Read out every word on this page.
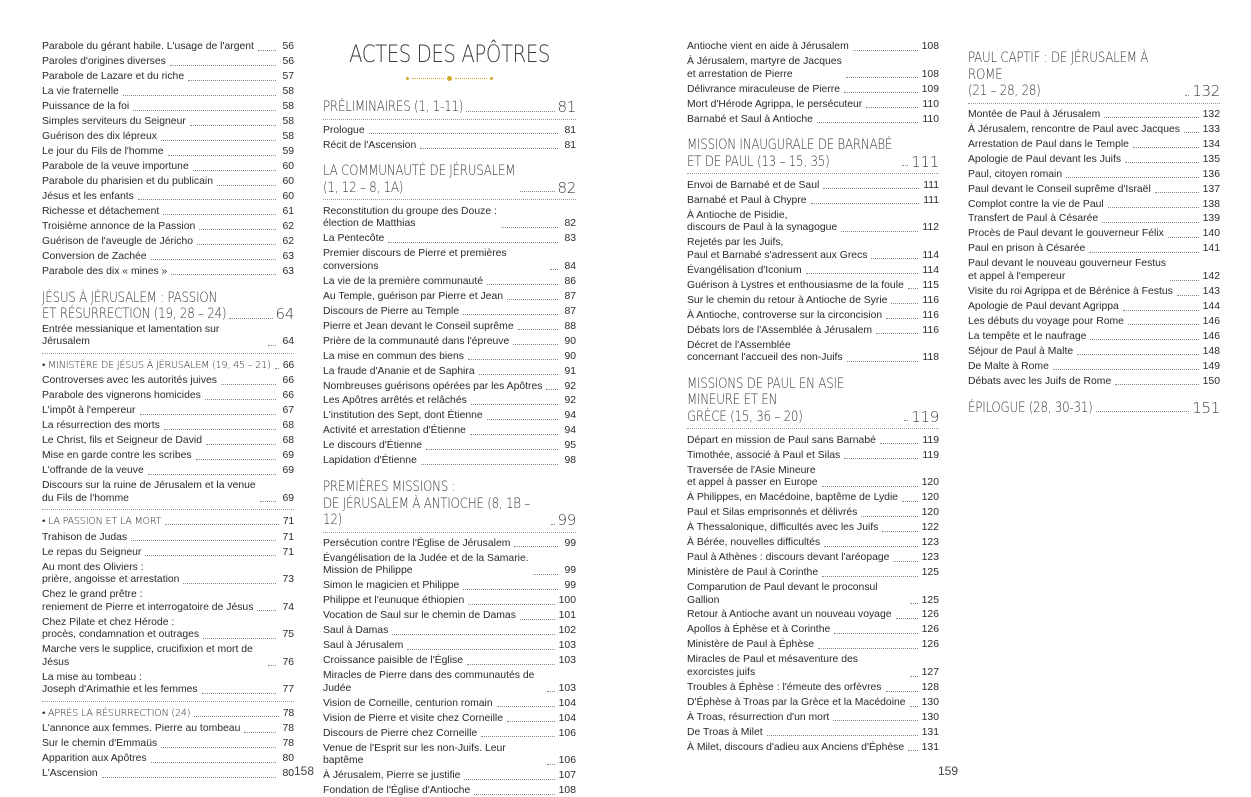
Parabole du gérant habile. L'usage de l'argent	56
Paroles d'origines diverses	56
Parabole de Lazare et du riche	57
La vie fraternelle	58
Puissance de la foi	58
Simples serviteurs du Seigneur	58
Guérison des dix lépreux	58
Le jour du Fils de l'homme	59
Parabole de la veuve importune	60
Parabole du pharisien et du publicain	60
Jésus et les enfants	60
Richesse et détachement	61
Troisième annonce de la Passion	62
Guérison de l'aveugle de Jéricho	62
Conversion de Zachée	63
Parabole des dix « mines »	63
JÉSUS À JÉRUSALEM : PASSION
ET RÉSURRECTION (19, 28 – 24)	64
Entrée messianique et lamentation sur Jérusalem	64
• MINISTÈRE DE JÉSUS À JÉRUSALEM (19, 45 – 21) 66
Controverses avec les autorités juives	66
Parabole des vignerons homicides	66
L'impôt à l'empereur	67
La résurrection des morts	68
Le Christ, fils et Seigneur de David	68
Mise en garde contre les scribes	69
L'offrande de la veuve	69
Discours sur la ruine de Jérusalem et la venue
du Fils de l'homme	69
• LA PASSION ET LA MORT	71
Trahison de Judas	71
Le repas du Seigneur	71
Au mont des Oliviers :
prière, angoisse et arrestation	73
Chez le grand prêtre :
reniement de Pierre et interrogatoire de Jésus	74
Chez Pilate et chez Hérode :
procès, condamnation et outrages	75
Marche vers le supplice, crucifixion et mort de Jésus	76
La mise au tombeau :
Joseph d'Arimathie et les femmes	77
• APRÈS LA RÉSURRECTION (24)	78
L'annonce aux femmes. Pierre au tombeau	78
Sur le chemin d'Emmaüs	78
Apparition aux Apôtres	80
L'Ascension	80
ACTES DES APÔTRES
PRÉLIMINAIRES (1, 1-11)	81
Prologue	81
Récit de l'Ascension	81
LA COMMUNAUTÉ DE JÉRUSALEM
(1, 12 – 8, 1A)	82
Reconstitution du groupe des Douze :
élection de Matthias	82
La Pentecôte	83
Premier discours de Pierre et premières conversions	84
La vie de la première communauté	86
Au Temple, guérison par Pierre et Jean	87
Discours de Pierre au Temple	87
Pierre et Jean devant le Conseil suprême	88
Prière de la communauté dans l'épreuve	90
La mise en commun des biens	90
La fraude d'Ananie et de Saphira	91
Nombreuses guérisons opérées par les Apôtres 92
Les Apôtres arrêtés et relâchés	92
L'institution des Sept, dont Étienne	94
Activité et arrestation d'Étienne	94
Le discours d'Étienne	95
Lapidation d'Étienne	98
PREMIÈRES MISSIONS :
DE JÉRUSALEM À ANTIOCHE (8, 1B – 12)	99
Persécution contre l'Église de Jérusalem	99
Évangélisation de la Judée et de la Samarie.
Mission de Philippe	99
Simon le magicien et Philippe	99
Philippe et l'eunuque éthiopien	100
Vocation de Saul sur le chemin de Damas	101
Saul à Damas	102
Saul à Jérusalem	103
Croissance paisible de l'Église	103
Miracles de Pierre dans des communautés de Judée	103
Vision de Corneille, centurion romain	104
Vision de Pierre et visite chez Corneille	104
Discours de Pierre chez Corneille	106
Venue de l'Esprit sur les non-Juifs. Leur baptême	106
À Jérusalem, Pierre se justifie	107
Fondation de l'Église d'Antioche	108
Antioche vient en aide à Jérusalem	108
À Jérusalem, martyre de Jacques
et arrestation de Pierre	108
Délivrance miraculeuse de Pierre	109
Mort d'Hérode Agrippa, le persécuteur	110
Barnabé et Saul à Antioche	110
MISSION INAUGURALE DE BARNABÉ
ET DE PAUL (13 – 15, 35)	111
Envoi de Barnabé et de Saul	111
Barnabé et Paul à Chypre	111
À Antioche de Pisidie,
discours de Paul à la synagogue	112
Rejetés par les Juifs,
Paul et Barnabé s'adressent aux Grecs	114
Évangélisation d'Iconium	114
Guérison à Lystres et enthousiasme de la foule 115
Sur le chemin du retour à Antioche de Syrie	116
À Antioche, controverse sur la circoncision	116
Débats lors de l'Assemblée à Jérusalem	116
Décret de l'Assemblée
concernant l'accueil des non-Juifs	118
MISSIONS DE PAUL EN ASIE MINEURE ET EN
GRÈCE (15, 36 – 20)	119
Départ en mission de Paul sans Barnabé	119
Timothée, associé à Paul et Silas	119
Traversée de l'Asie Mineure
et appel à passer en Europe	120
À Philippes, en Macédoine, baptême de Lydie 120
Paul et Silas emprisonnés et délivrés	120
À Thessalonique, difficultés avec les Juifs	122
À Bérée, nouvelles difficultés	123
Paul à Athènes : discours devant l'aréopage	123
Ministère de Paul à Corinthe	125
Comparution de Paul devant le proconsul Gallion	125
Retour à Antioche avant un nouveau voyage	126
Apollos à Éphèse et à Corinthe	126
Ministère de Paul à Éphèse	126
Miracles de Paul et mésaventure des exorcistes juifs	127
Troubles à Éphèse : l'émeute des orfèvres	128
D'Éphèse à Troas par la Grèce et la Macédoine 130
À Troas, résurrection d'un mort	130
De Troas à Milet	131
À Milet, discours d'adieu aux Anciens d'Éphèse 131
PAUL CAPTIF : DE JÉRUSALEM À ROME
(21 – 28, 28)	132
Montée de Paul à Jérusalem	132
À Jérusalem, rencontre de Paul avec Jacques 133
Arrestation de Paul dans le Temple	134
Apologie de Paul devant les Juifs	135
Paul, citoyen romain	136
Paul devant le Conseil suprême d'Israël	137
Complot contre la vie de Paul	138
Transfert de Paul à Césarée	139
Procès de Paul devant le gouverneur Félix	140
Paul en prison à Césarée	141
Paul devant le nouveau gouverneur Festus
et appel à l'empereur	142
Visite du roi Agrippa et de Bérénice à Festus	143
Apologie de Paul devant Agrippa	144
Les débuts du voyage pour Rome	146
La tempête et le naufrage	146
Séjour de Paul à Malte	148
De Malte à Rome	149
Débats avec les Juifs de Rome	150
ÉPILOGUE (28, 30-31)	151
158	159
